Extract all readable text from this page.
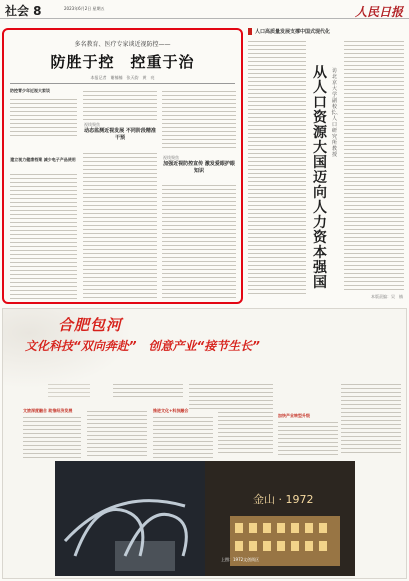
社会 8	2023年6月2日 星期五	人民日报
多名教育、医疗专家谈近视防控——
防胜于控　控重于治
本报记者　谢楠楠　张天韵　黄　亮
防控青少年近视大家谈
建立视力健康档案 减少电子产品使用
视线聚焦
动态监测近视发展 不同阶段精准干预
视线聚焦
加强近视防控宣传 激发爱眼护眼知识
人口高质量发展支撑中国式现代化
从人口资源大国迈向人力资本强国
访北京大学副校长、人口研究所教授
本版责编：吴　楠
合肥包河
文化科技“双向奔赴”　创意产业“接节生长”
文旅深度融合 助推经济发展	推进文化+科技融合
加快产业转型升级
金山 · 1972
上图：1972文创街区
